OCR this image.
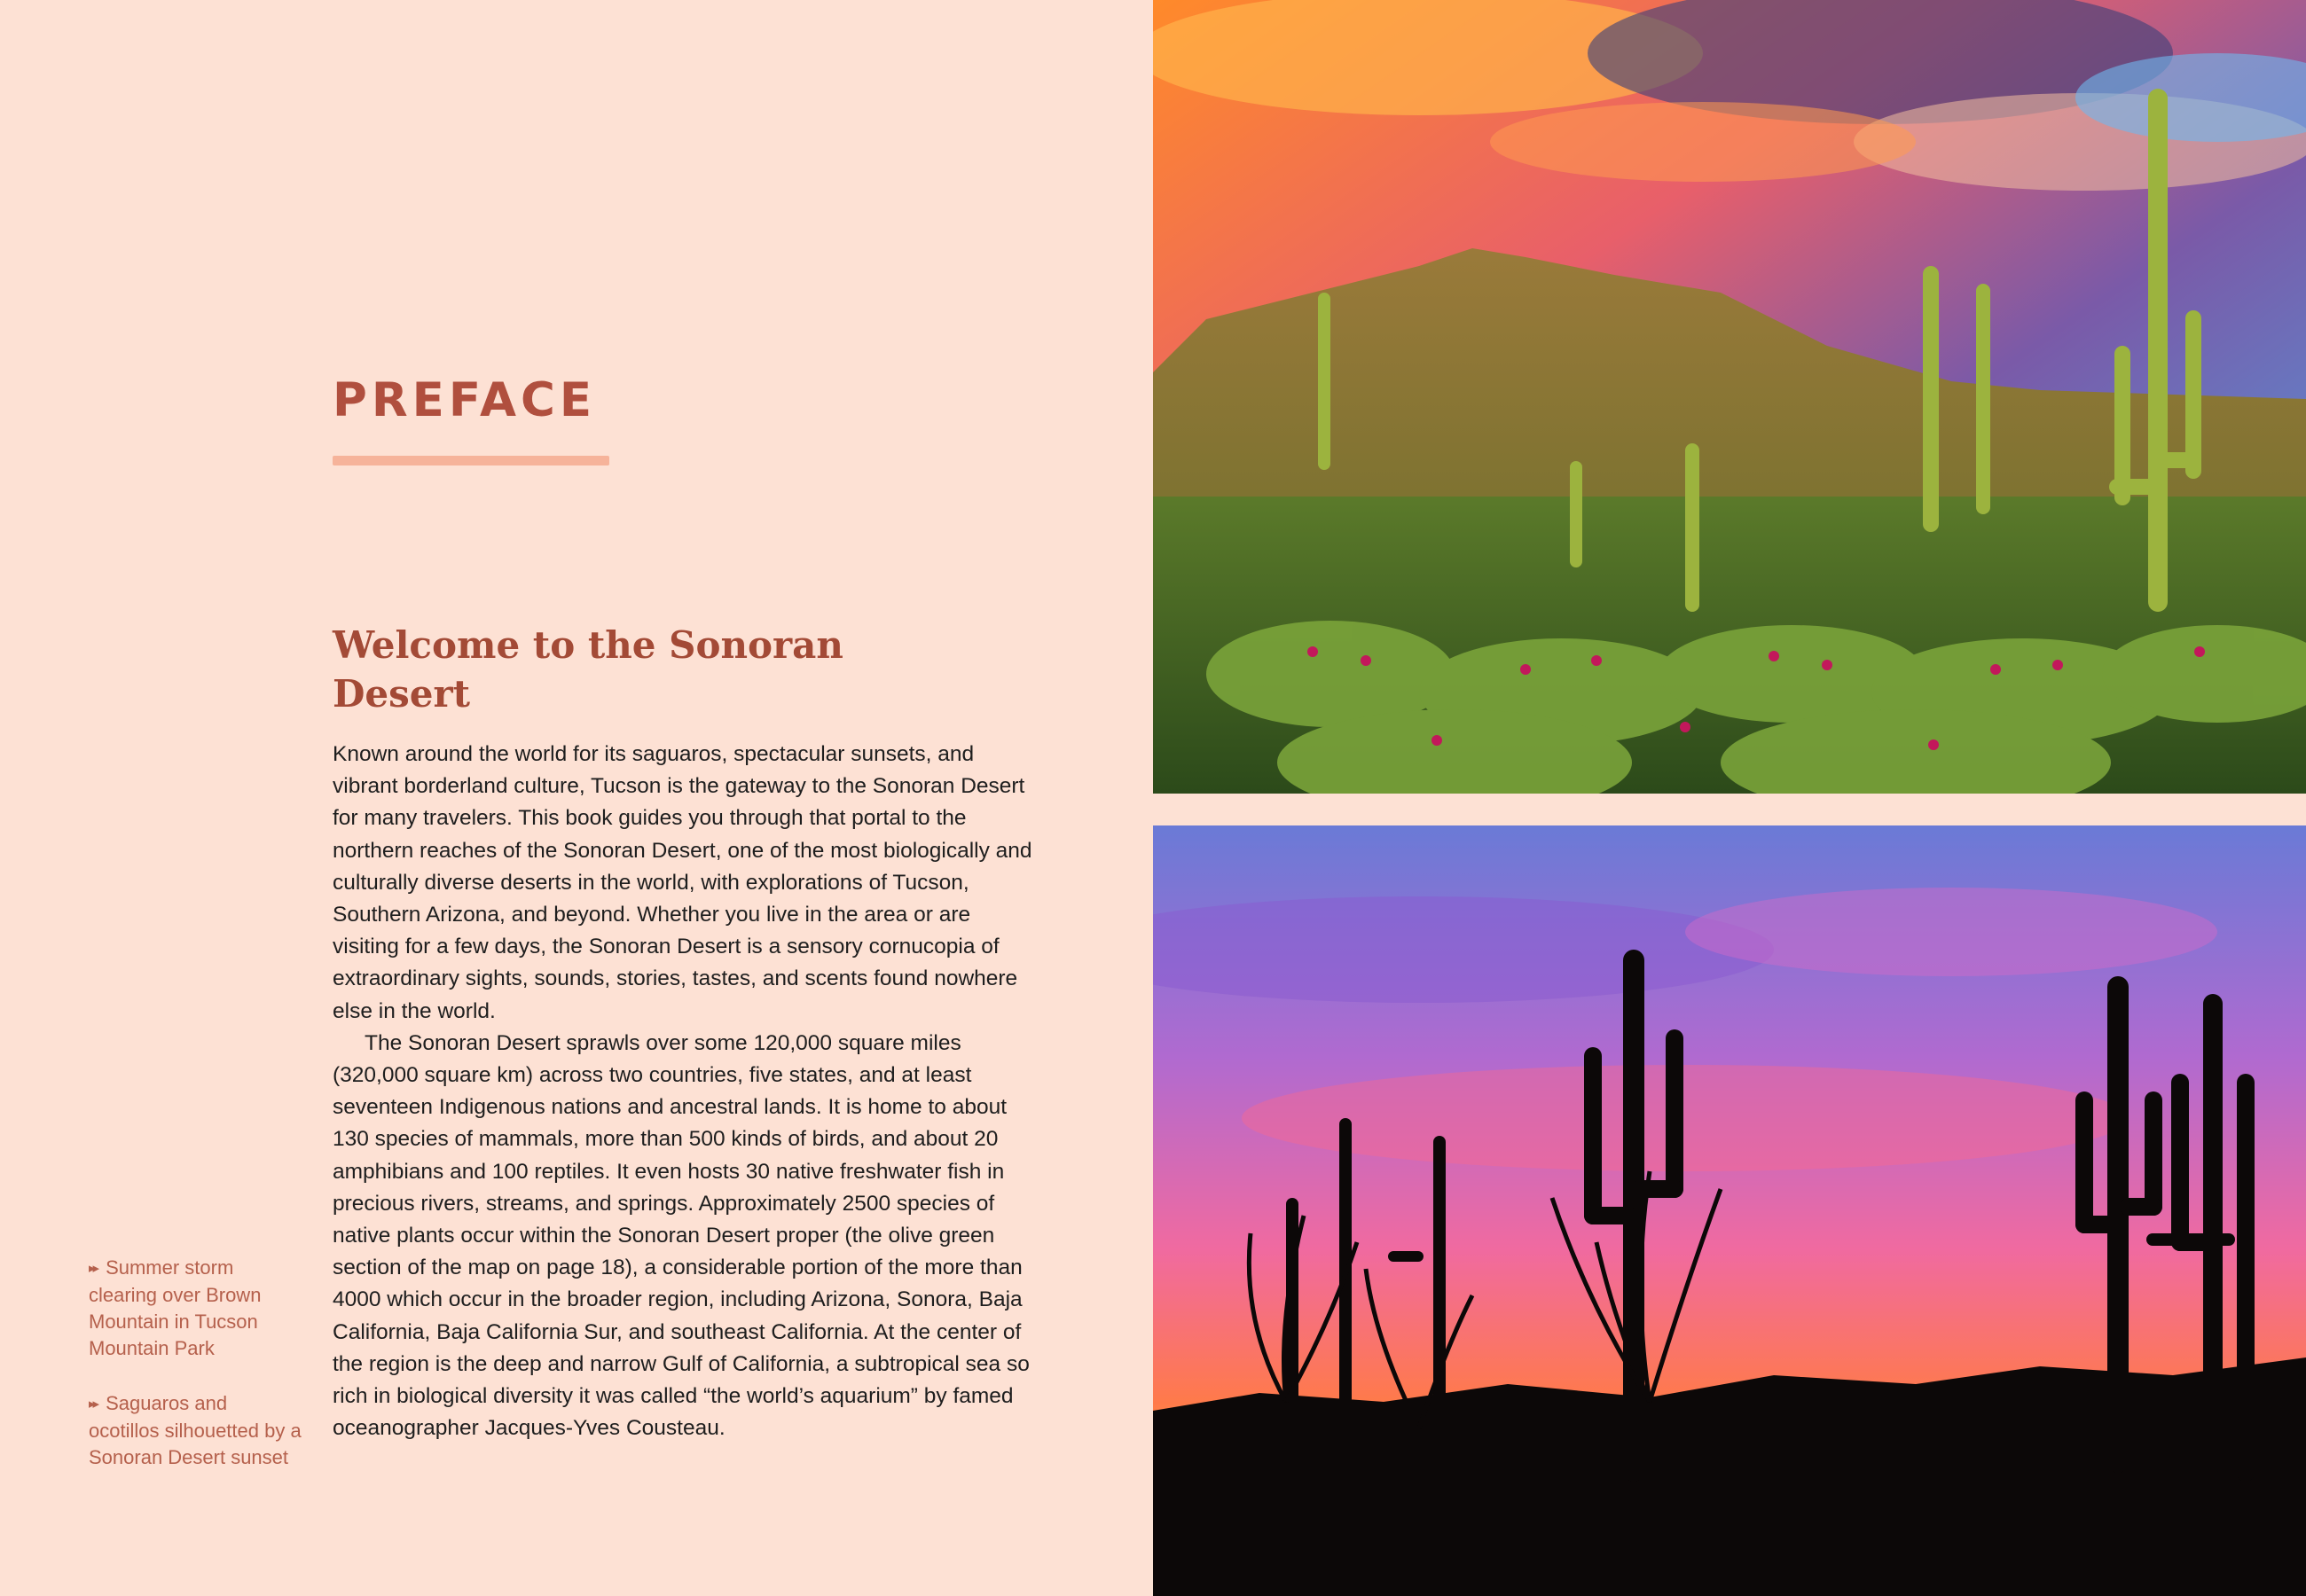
PREFACE
Welcome to the Sonoran Desert

Known around the world for its saguaros, spectacular sunsets, and vibrant borderland culture, Tucson is the gateway to the Sonoran Desert for many travelers. This book guides you through that portal to the northern reaches of the Sonoran Desert, one of the most biologically and culturally diverse deserts in the world, with explorations of Tucson, Southern Arizona, and beyond. Whether you live in the area or are visiting for a few days, the Sonoran Desert is a sensory cornucopia of extraordinary sights, sounds, stories, tastes, and scents found nowhere else in the world.

The Sonoran Desert sprawls over some 120,000 square miles (320,000 square km) across two countries, five states, and at least seventeen Indigenous nations and ancestral lands. It is home to about 130 species of mammals, more than 500 kinds of birds, and about 20 amphibians and 100 reptiles. It even hosts 30 native freshwater fish in precious rivers, streams, and springs. Approximately 2500 species of native plants occur within the Sonoran Desert proper (the olive green section of the map on page 18), a considerable portion of the more than 4000 which occur in the broader region, including Arizona, Sonora, Baja California, Baja California Sur, and southeast California. At the center of the region is the deep and narrow Gulf of California, a subtropical sea so rich in biological diversity it was called “the world’s aquarium” by famed oceanographer Jacques-Yves Cousteau.

▸▸ Summer storm clearing over Brown Mountain in Tucson Mountain Park
▸▸ Saguaros and ocotillos silhouetted by a Sonoran Desert sunset
